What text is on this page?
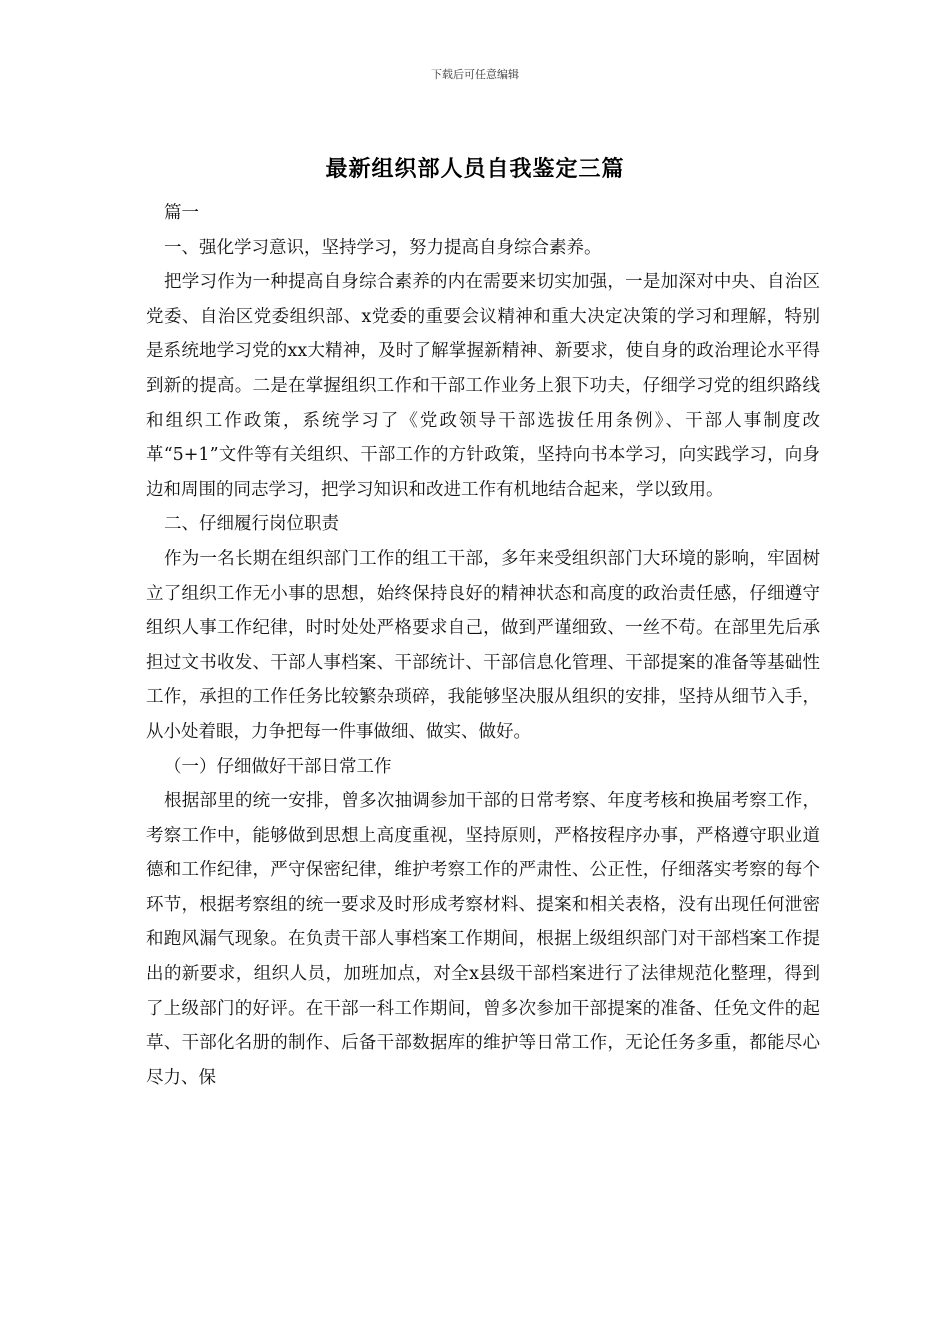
下载后可任意编辑
最新组织部人员自我鉴定三篇

篇一

一、强化学习意识，坚持学习，努力提高自身综合素养。

把学习作为一种提高自身综合素养的内在需要来切实加强，一是加深对中央、自治区党委、自治区党委组织部、x党委的重要会议精神和重大决定决策的学习和理解，特别是系统地学习党的xx大精神，及时了解掌握新精神、新要求，使自身的政治理论水平得到新的提高。二是在掌握组织工作和干部工作业务上狠下功夫，仔细学习党的组织路线和组织工作政策，系统学习了《党政领导干部选拔任用条例》、干部人事制度改革“5+1”文件等有关组织、干部工作的方针政策，坚持向书本学习，向实践学习，向身边和周围的同志学习，把学习知识和改进工作有机地结合起来，学以致用。

二、仔细履行岗位职责

作为一名长期在组织部门工作的组工干部，多年来受组织部门大环境的影响，牢固树立了组织工作无小事的思想，始终保持良好的精神状态和高度的政治责任感，仔细遵守组织人事工作纪律，时时处处严格要求自己，做到严谨细致、一丝不苟。在部里先后承担过文书收发、干部人事档案、干部统计、干部信息化管理、干部提案的准备等基础性工作，承担的工作任务比较繁杂琐碎，我能够坚决服从组织的安排，坚持从细节入手，从小处着眼，力争把每一件事做细、做实、做好。

（一）仔细做好干部日常工作

根据部里的统一安排，曾多次抽调参加干部的日常考察、年度考核和换届考察工作，考察工作中，能够做到思想上高度重视，坚持原则，严格按程序办事，严格遵守职业道德和工作纪律，严守保密纪律，维护考察工作的严肃性、公正性，仔细落实考察的每个环节，根据考察组的统一要求及时形成考察材料、提案和相关表格，没有出现任何泄密和跑风漏气现象。在负责干部人事档案工作期间，根据上级组织部门对干部档案工作提出的新要求，组织人员，加班加点，对全x县级干部档案进行了法律规范化整理，得到了上级部门的好评。在干部一科工作期间，曾多次参加干部提案的准备、任免文件的起草、干部化名册的制作、后备干部数据库的维护等日常工作，无论任务多重，都能尽心尽力、保
